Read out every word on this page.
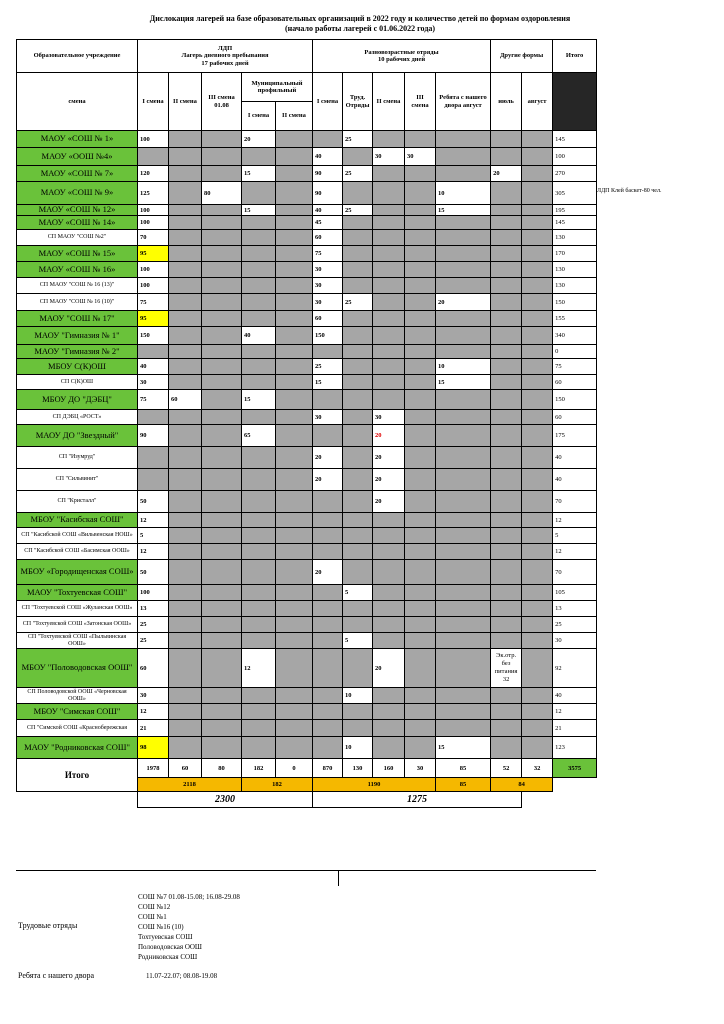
Дислокация лагерей на базе образовательных организаций в 2022 году и количество детей по формам оздоровления
(начало работы лагерей с 01.06.2022 года)
Образовательное учреждение	ЛДП
Лагерь дневного пребывания
17 рабочих дней					Разновозрастные отряды
10 рабочих дней					Другие формы		Итого	
смена	I смена	II смена	III смена 01.08	Муниципальный профильный		I смена	Труд. Отряды	II смена	III смена	Ребята с нашего двора август	июль	август		
				I смена	II смена									
МАОУ «СОШ № 1»	100			20			25						145	
МАОУ «ООШ №4»						40		30	30				100	
МАОУ «СОШ № 7»	120			15		90	25				20		270	
МАОУ «СОШ № 9»	125		80			90				10			305	
МАОУ «СОШ № 12»	100			15		40	25			15			195	
МАОУ «СОШ № 14»	100					45							145	
СП МАОУ "СОШ №2"	70					60							130	
МАОУ «СОШ № 15»	95					75							170	
МАОУ «СОШ № 16»	100					30							130	
СП МАОУ "СОШ № 16 (13)"	100					30							130	
СП МАОУ "СОШ № 16 (10)"	75					30	25			20			150	
МАОУ "СОШ № 17"	95					60							155	
МАОУ "Гимназия № 1"	150			40		150							340	
МАОУ "Гимназия № 2"													0	
МБОУ С(К)ОШ	40					25				10			75	
СП С(К)ОШ	30					15				15			60	
МБОУ ДО "ДЭБЦ"	75	60		15									150	
СП ДЭБЦ «РОСТ»						30		30					60	
МАОУ ДО "Звездный"	90			65				20					175	
СП "Изумруд"						20		20					40	
СП "Сильвинит"						20		20					40	
СП "Кристалл"	50							20					70	
МБОУ "Касибская СОШ"	12												12	
СП "Касибской СОШ «Вильвенская НОШ»	5												5	
СП "Касибской СОШ «Басимская ООШ»	12												12	
МБОУ «Городищенская СОШ»	50					20							70	
МАОУ "Тохтуевская СОШ"	100						5						105	
СП "Тохтуевской СОШ «Жуланская ООШ»	13												13	
СП "Тохтуевской СОШ «Затонская ООШ»	25												25	
СП "Тохтуевской СОШ «Пыльвинская ООШ»	25						5						30	
МБОУ "Половодовская ООШ"	60			12				20			Эк.отр. без питания 32		92	
СП Половодовской ООШ «Черновская ООШ»	30						10						40	
МБОУ "Симская СОШ"	12												12	
СП "Симской СОШ «Краснобережская	21												21	
МАОУ "Родниковская СОШ"	98						10			15			123	
Итого	1978	60	80	182	0	870	130	160	30	85	52	32	3575	
	2118			182		1190				85	84			
	2300					1275								
ЛДП Клей баскет-80 чел.
Трудовые отряды
СОШ №7 01.08-15.08; 16.08-29.08
СОШ №12
СОШ №1
СОШ №16 (10)
Тохтуевская СОШ
Половодовская ООШ
Родниковская СОШ
Ребята с нашего двора	11.07-22.07; 08.08-19.08
